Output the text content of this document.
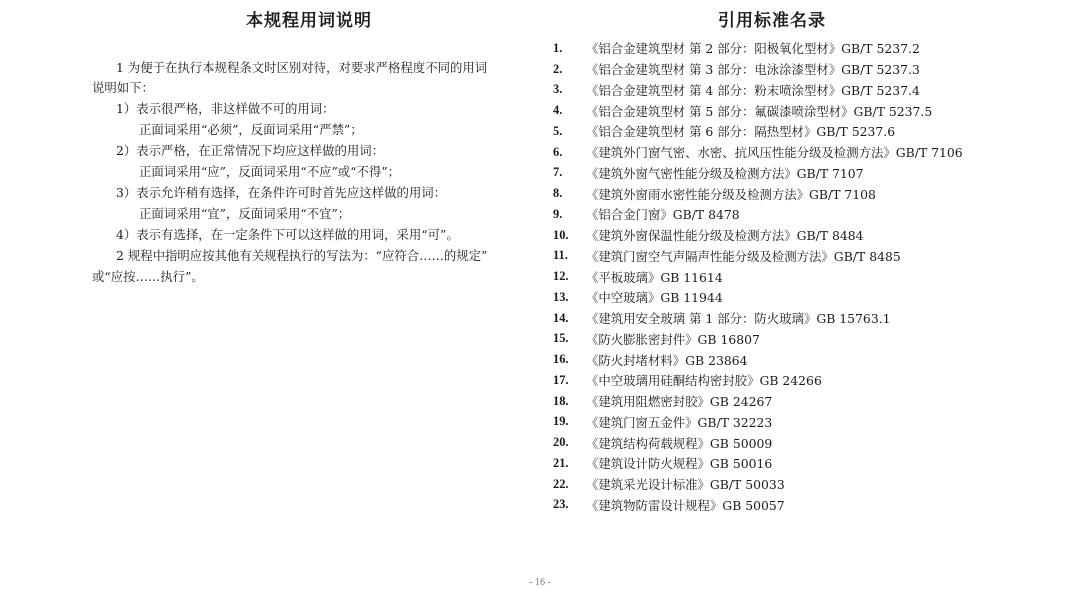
本规程用词说明	引用标准名录
1 为便于在执行本规程条文时区别对待，对要求严格程度不同的用词
说明如下：
1）表示很严格，非这样做不可的用词：
正面词采用“必须”，反面词采用“严禁”；
2）表示严格，在正常情况下均应这样做的用词：
正面词采用“应”，反面词采用“不应”或“不得”；
3）表示允许稍有选择，在条件许可时首先应这样做的用词：
正面词采用“宜”，反面词采用“不宜”；
4）表示有选择，在一定条件下可以这样做的用词，采用“可”。
2 规程中指明应按其他有关规程执行的写法为：“应符合……的规定”
或“应按……执行”。
1.	《铝合金建筑型材 第 2 部分：阳极氧化型材》GB/T 5237.2
2.	《铝合金建筑型材 第 3 部分：电泳涂漆型材》GB/T 5237.3
3.	《铝合金建筑型材 第 4 部分：粉末喷涂型材》GB/T 5237.4
4.	《铝合金建筑型材 第 5 部分：氟碳漆喷涂型材》GB/T 5237.5
5.	《铝合金建筑型材 第 6 部分：隔热型材》GB/T 5237.6
6.	《建筑外门窗气密、水密、抗风压性能分级及检测方法》GB/T 7106
7.	《建筑外窗气密性能分级及检测方法》GB/T 7107
8.	《建筑外窗雨水密性能分级及检测方法》GB/T 7108
9.	《铝合金门窗》GB/T 8478
10.	《建筑外窗保温性能分级及检测方法》GB/T 8484
11.	《建筑门窗空气声隔声性能分级及检测方法》GB/T 8485
12.	《平板玻璃》GB 11614
13.	《中空玻璃》GB 11944
14.	《建筑用安全玻璃 第 1 部分：防火玻璃》GB 15763.1
15.	《防火膨胀密封件》GB 16807
16.	《防火封堵材料》GB 23864
17.	《中空玻璃用硅酮结构密封胶》GB 24266
18.	《建筑用阻燃密封胶》GB 24267
19.	《建筑门窗五金件》GB/T 32223
20.	《建筑结构荷载规程》GB 50009
21.	《建筑设计防火规程》GB 50016
22.	《建筑采光设计标准》GB/T 50033
23.	《建筑物防雷设计规程》GB 50057
- 16 -
